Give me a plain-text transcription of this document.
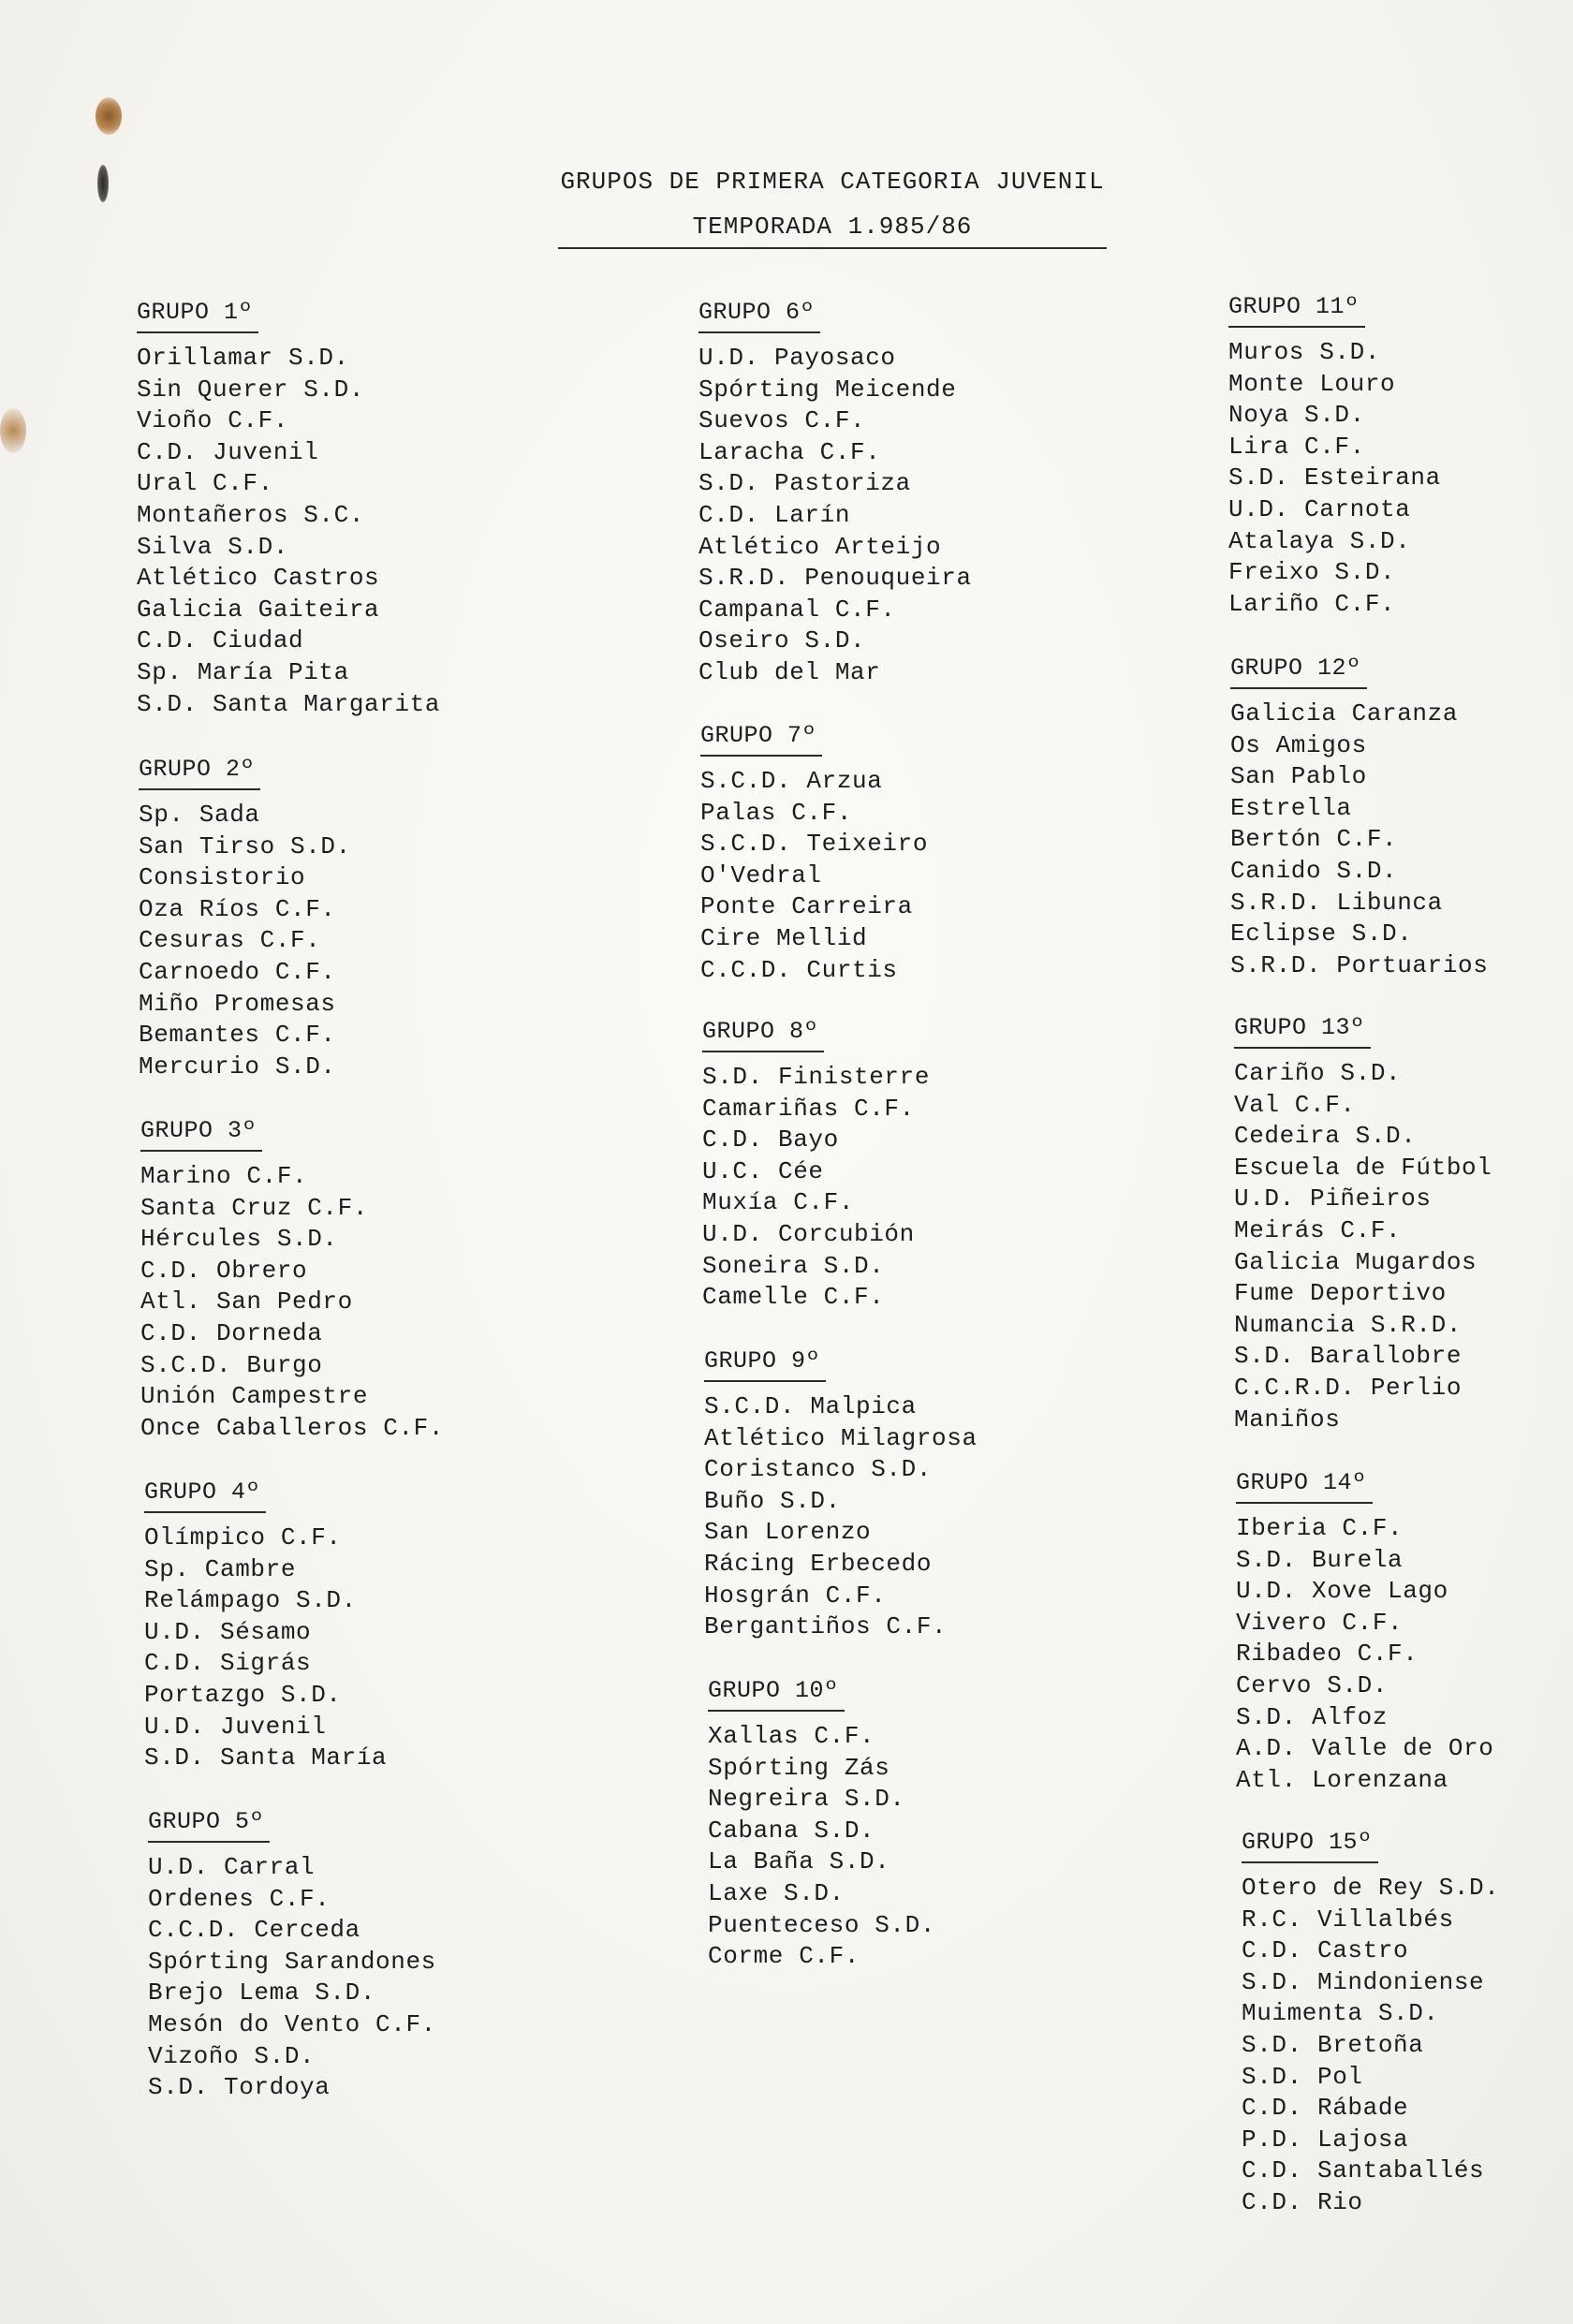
GRUPOS DE PRIMERA CATEGORIA JUVENIL
TEMPORADA 1.985/86
GRUPO 1º
Orillamar S.D.
Sin Querer S.D.
Vioño C.F.
C.D. Juvenil
Ural C.F.
Montañeros S.C.
Silva S.D.
Atlético Castros
Galicia Gaiteira
C.D. Ciudad
Sp. María Pita
S.D. Santa Margarita
GRUPO 2º
Sp. Sada
San Tirso S.D.
Consistorio
Oza Ríos C.F.
Cesuras C.F.
Carnoedo C.F.
Miño Promesas
Bemantes C.F.
Mercurio S.D.
GRUPO 3º
Marino C.F.
Santa Cruz C.F.
Hércules S.D.
C.D. Obrero
Atl. San Pedro
C.D. Dorneda
S.C.D. Burgo
Unión Campestre
Once Caballeros C.F.
GRUPO 4º
Olímpico C.F.
Sp. Cambre
Relámpago S.D.
U.D. Sésamo
C.D. Sigrás
Portazgo S.D.
U.D. Juvenil
S.D. Santa María
GRUPO 5º
U.D. Carral
Ordenes C.F.
C.C.D. Cerceda
Spórting Sarandones
Brejo Lema S.D.
Mesón do Vento C.F.
Vizoño S.D.
S.D. Tordoya
GRUPO 6º
U.D. Payosaco
Spórting Meicende
Suevos C.F.
Laracha C.F.
S.D. Pastoriza
C.D. Larín
Atlético Arteijo
S.R.D. Penouqueira
Campanal C.F.
Oseiro S.D.
Club del Mar
GRUPO 7º
S.C.D. Arzua
Palas C.F.
S.C.D. Teixeiro
O'Vedral
Ponte Carreira
Cire Mellid
C.C.D. Curtis
GRUPO 8º
S.D. Finisterre
Camariñas C.F.
C.D. Bayo
U.C. Cée
Muxía C.F.
U.D. Corcubión
Soneira S.D.
Camelle C.F.
GRUPO 9º
S.C.D. Malpica
Atlético Milagrosa
Coristanco S.D.
Buño S.D.
San Lorenzo
Rácing Erbecedo
Hosgrán C.F.
Bergantiños C.F.
GRUPO 10º
Xallas C.F.
Spórting Zás
Negreira S.D.
Cabana S.D.
La Baña S.D.
Laxe S.D.
Puenteceso S.D.
Corme C.F.
GRUPO 11º
Muros S.D.
Monte Louro
Noya S.D.
Lira C.F.
S.D. Esteirana
U.D. Carnota
Atalaya S.D.
Freixo S.D.
Lariño C.F.
GRUPO 12º
Galicia Caranza
Os Amigos
San Pablo
Estrella
Bertón C.F.
Canido S.D.
S.R.D. Libunca
Eclipse S.D.
S.R.D. Portuarios
GRUPO 13º
Cariño S.D.
Val C.F.
Cedeira S.D.
Escuela de Fútbol
U.D. Piñeiros
Meirás C.F.
Galicia Mugardos
Fume Deportivo
Numancia S.R.D.
S.D. Barallobre
C.C.R.D. Perlio
Maniños
GRUPO 14º
Iberia C.F.
S.D. Burela
U.D. Xove Lago
Vivero C.F.
Ribadeo C.F.
Cervo S.D.
S.D. Alfoz
A.D. Valle de Oro
Atl. Lorenzana
GRUPO 15º
Otero de Rey S.D.
R.C. Villalbés
C.D. Castro
S.D. Mindoniense
Muimenta S.D.
S.D. Bretoña
S.D. Pol
C.D. Rábade
P.D. Lajosa
C.D. Santaballés
C.D. Rio
